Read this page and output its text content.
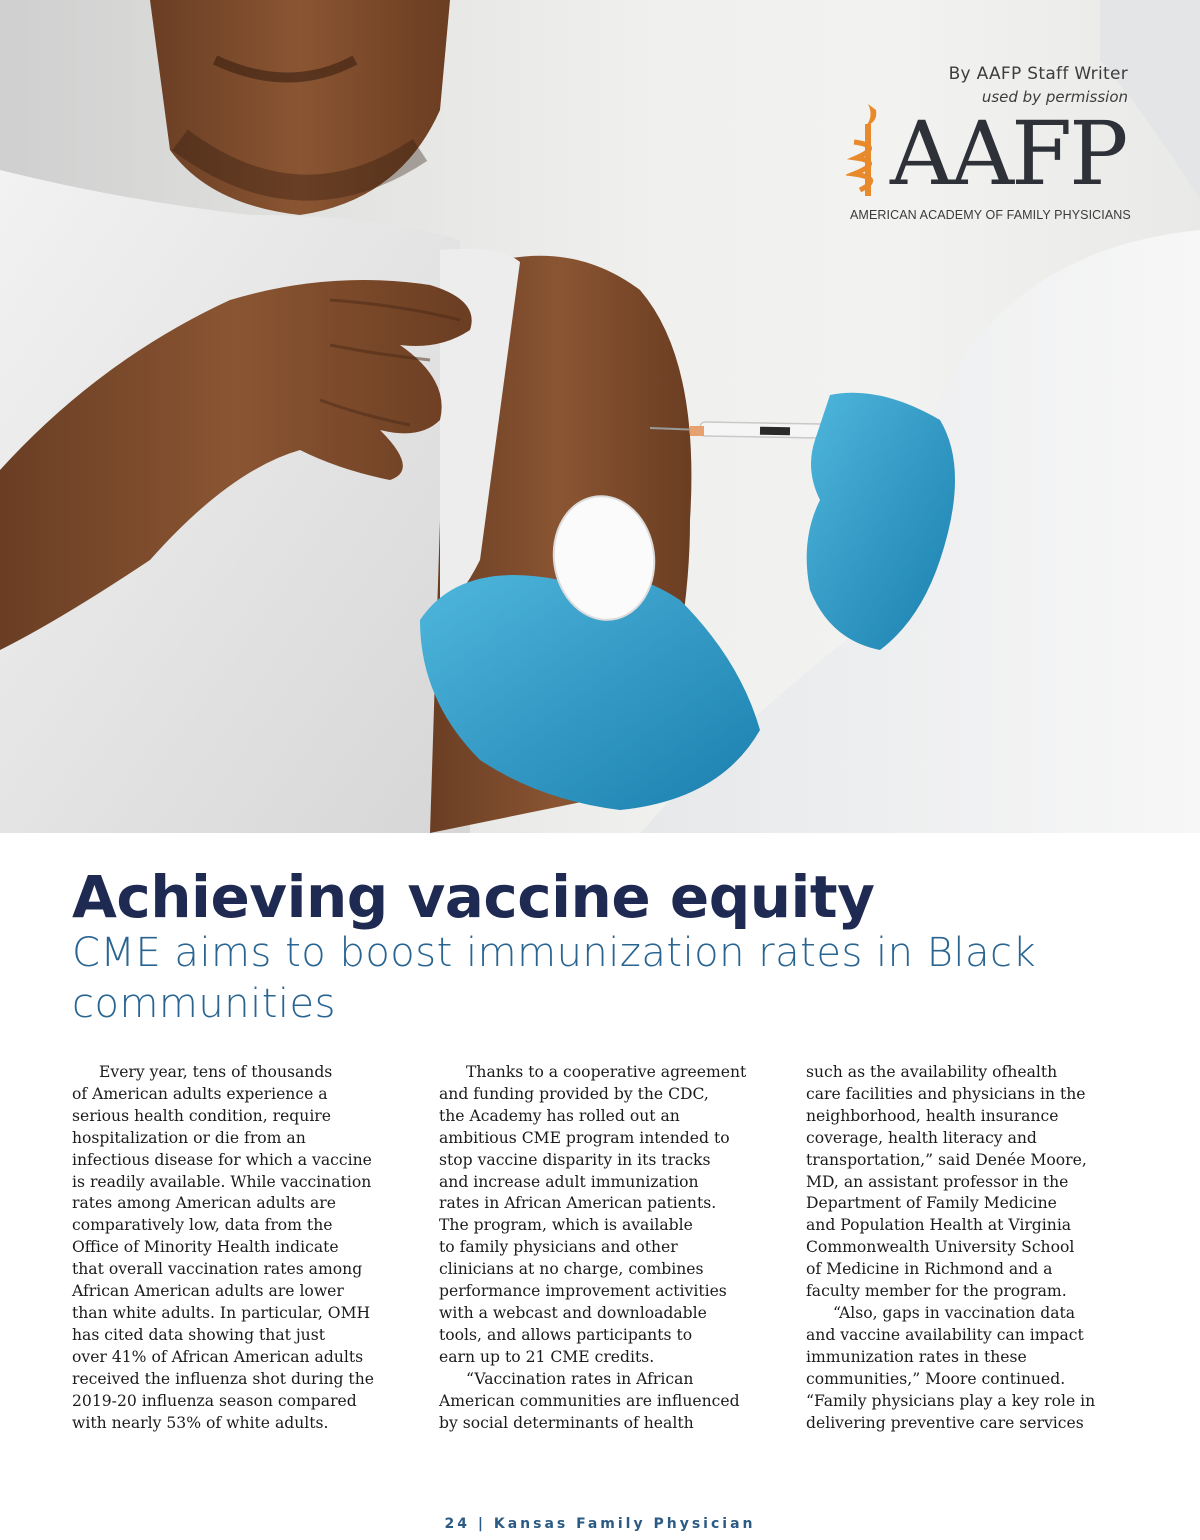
By AAFP Staff Writer
used by permission
AAFP
AMERICAN ACADEMY OF FAMILY PHYSICIANS
Achieving vaccine equity
CME aims to boost immunization rates in Black communities
Every year, tens of thousands
of American adults experience a
serious health condition, require
hospitalization or die from an
infectious disease for which a vaccine
is readily available. While vaccination
rates among American adults are
comparatively low, data from the
Office of Minority Health indicate
that overall vaccination rates among
African American adults are lower
than white adults. In particular, OMH
has cited data showing that just
over 41% of African American adults
received the influenza shot during the
2019-20 influenza season compared
with nearly 53% of white adults.
Thanks to a cooperative agreement
and funding provided by the CDC,
the Academy has rolled out an
ambitious CME program intended to
stop vaccine disparity in its tracks
and increase adult immunization
rates in African American patients.
The program, which is available
to family physicians and other
clinicians at no charge, combines
performance improvement activities
with a webcast and downloadable
tools, and allows participants to
earn up to 21 CME credits.
“Vaccination rates in African
American communities are influenced
by social determinants of health
such as the availability ofhealth
care facilities and physicians in the
neighborhood, health insurance
coverage, health literacy and
transportation,” said Denée Moore,
MD, an assistant professor in the
Department of Family Medicine
and Population Health at Virginia
Commonwealth University School
of Medicine in Richmond and a
faculty member for the program.
“Also, gaps in vaccination data
and vaccine availability can impact
immunization rates in these
communities,” Moore continued.
“Family physicians play a key role in
delivering preventive care services
24 | Kansas Family Physician
